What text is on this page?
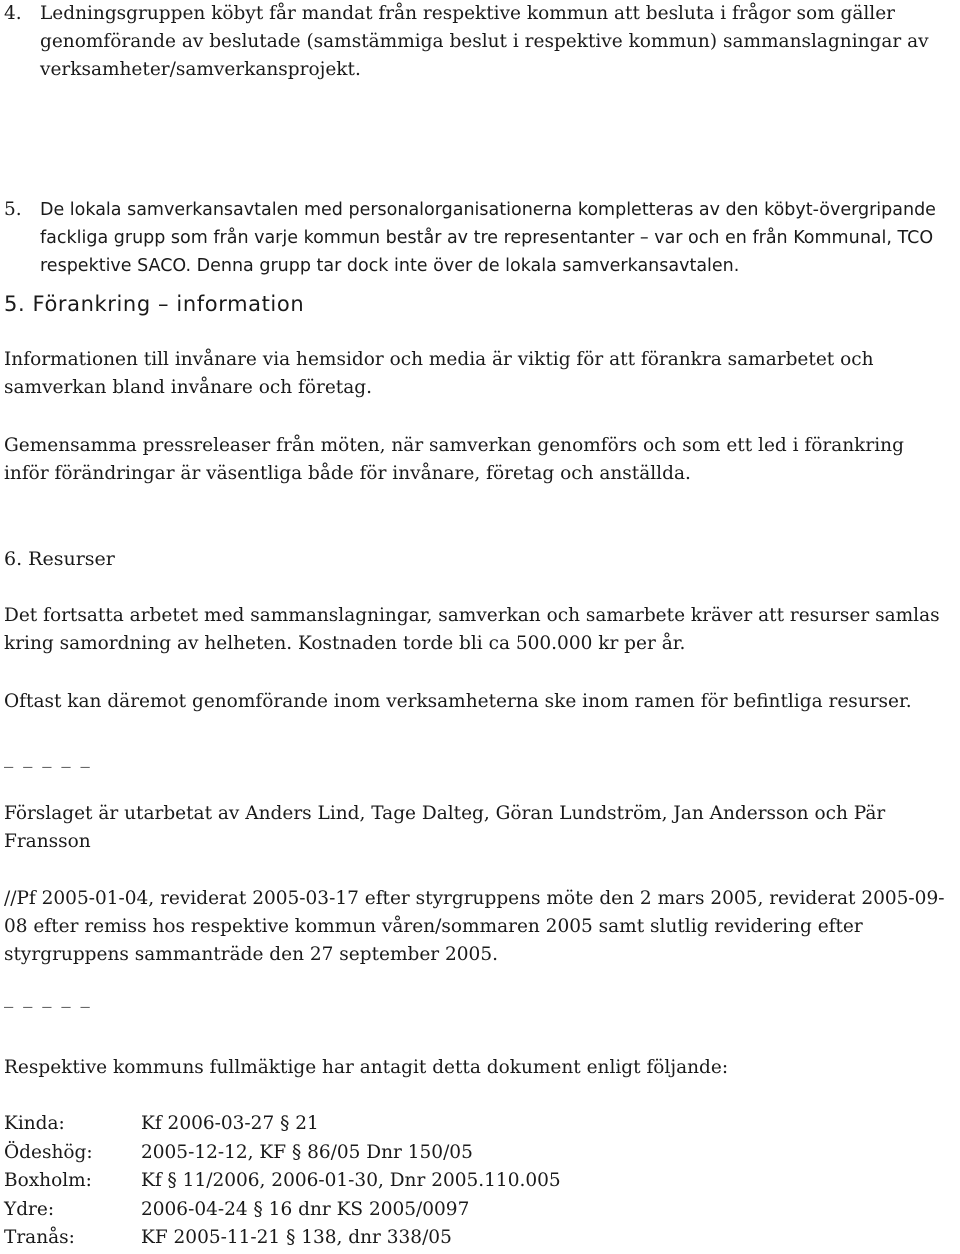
4. Ledningsgruppen köbyt får mandat från respektive kommun att besluta i frågor som gäller genomförande av beslutade (samstämmiga beslut i respektive kommun) sammanslagningar av verksamheter/samverkansprojekt.
5. De lokala samverkansavtalen med personalorganisationerna kompletteras av den köbyt-övergripande fackliga grupp som från varje kommun består av tre representanter – var och en från Kommunal, TCO respektive SACO. Denna grupp tar dock inte över de lokala samverkansavtalen.
5. Förankring – information
Informationen till invånare via hemsidor och media är viktig för att förankra samarbetet och samverkan bland invånare och företag.
Gemensamma pressreleaser från möten, när samverkan genomförs och som ett led i förankring inför förändringar är väsentliga både för invånare, företag och anställda.
6. Resurser
Det fortsatta arbetet med sammanslagningar, samverkan och samarbete kräver att resurser samlas kring samordning av helheten. Kostnaden torde bli ca 500.000 kr per år.
Oftast kan däremot genomförande inom verksamheterna ske inom ramen för befintliga resurser.
_ _ _ _ _
Förslaget är utarbetat av Anders Lind, Tage Dalteg, Göran Lundström, Jan Andersson och Pär Fransson
//Pf 2005-01-04, reviderat 2005-03-17 efter styrgruppens möte den 2 mars 2005, reviderat 2005-09-08 efter remiss hos respektive kommun våren/sommaren 2005 samt slutlig revidering efter styrgruppens sammanträde den 27 september 2005.
_ _ _ _ _
Respektive kommuns fullmäktige har antagit detta dokument enligt följande:
Kinda:	Kf 2006-03-27 § 21
Ödeshög:	2005-12-12, KF § 86/05 Dnr 150/05
Boxholm:	Kf § 11/2006, 2006-01-30, Dnr 2005.110.005
Ydre:	2006-04-24 § 16 dnr KS 2005/0097
Tranås:	KF 2005-11-21 § 138, dnr 338/05
